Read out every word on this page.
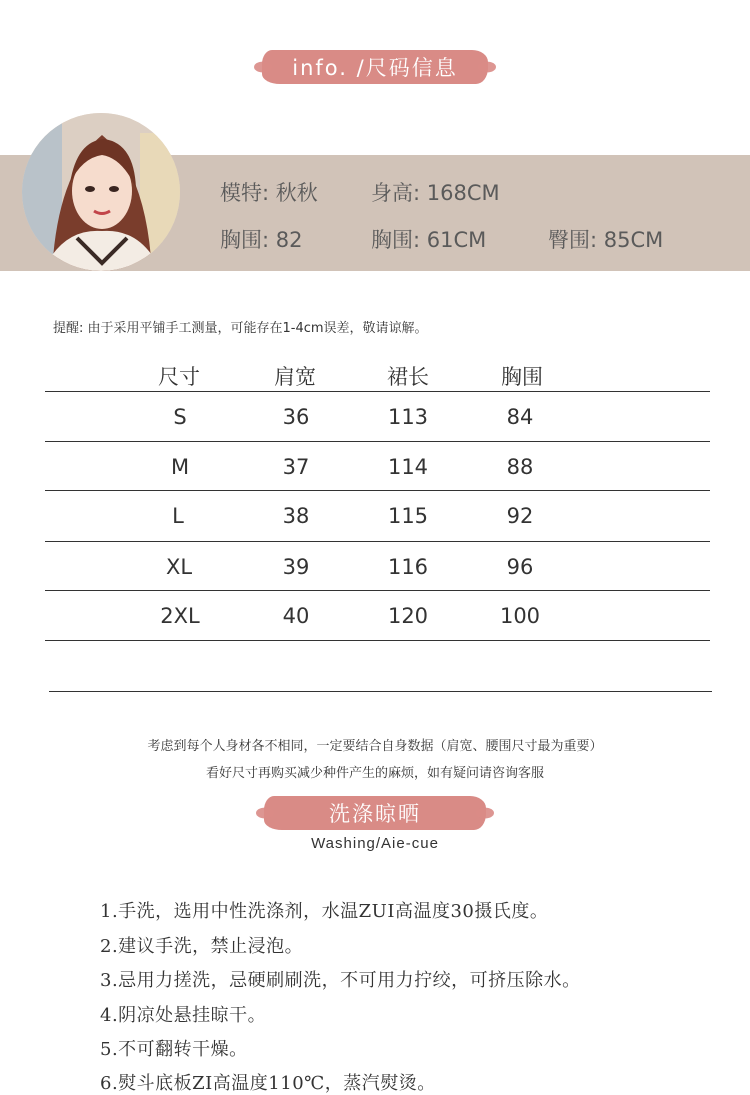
info. /尺码信息
模特: 秋秋	身高: 168CM
胸围: 82	胸围: 61CM	臀围: 85CM
提醒: 由于采用平铺手工测量，可能存在1-4cm误差，敬请谅解。
尺寸	肩宽	裙长	胸围
S	36	113	84
M	37	114	88
L	38	115	92
XL	39	116	96
2XL	40	120	100
考虑到每个人身材各不相同，一定要结合自身数据（肩宽、腰围尺寸最为重要）
看好尺寸再购买减少种件产生的麻烦，如有疑问请咨询客服
洗涤晾晒
Washing/Aie-cue
1.手洗，选用中性洗涤剂，水温ZUI高温度30摄氏度。
2.建议手洗，禁止浸泡。
3.忌用力搓洗，忌硬刷刷洗，不可用力拧绞，可挤压除水。
4.阴凉处悬挂晾干。
5.不可翻转干燥。
6.熨斗底板ZI高温度110℃，蒸汽熨烫。
